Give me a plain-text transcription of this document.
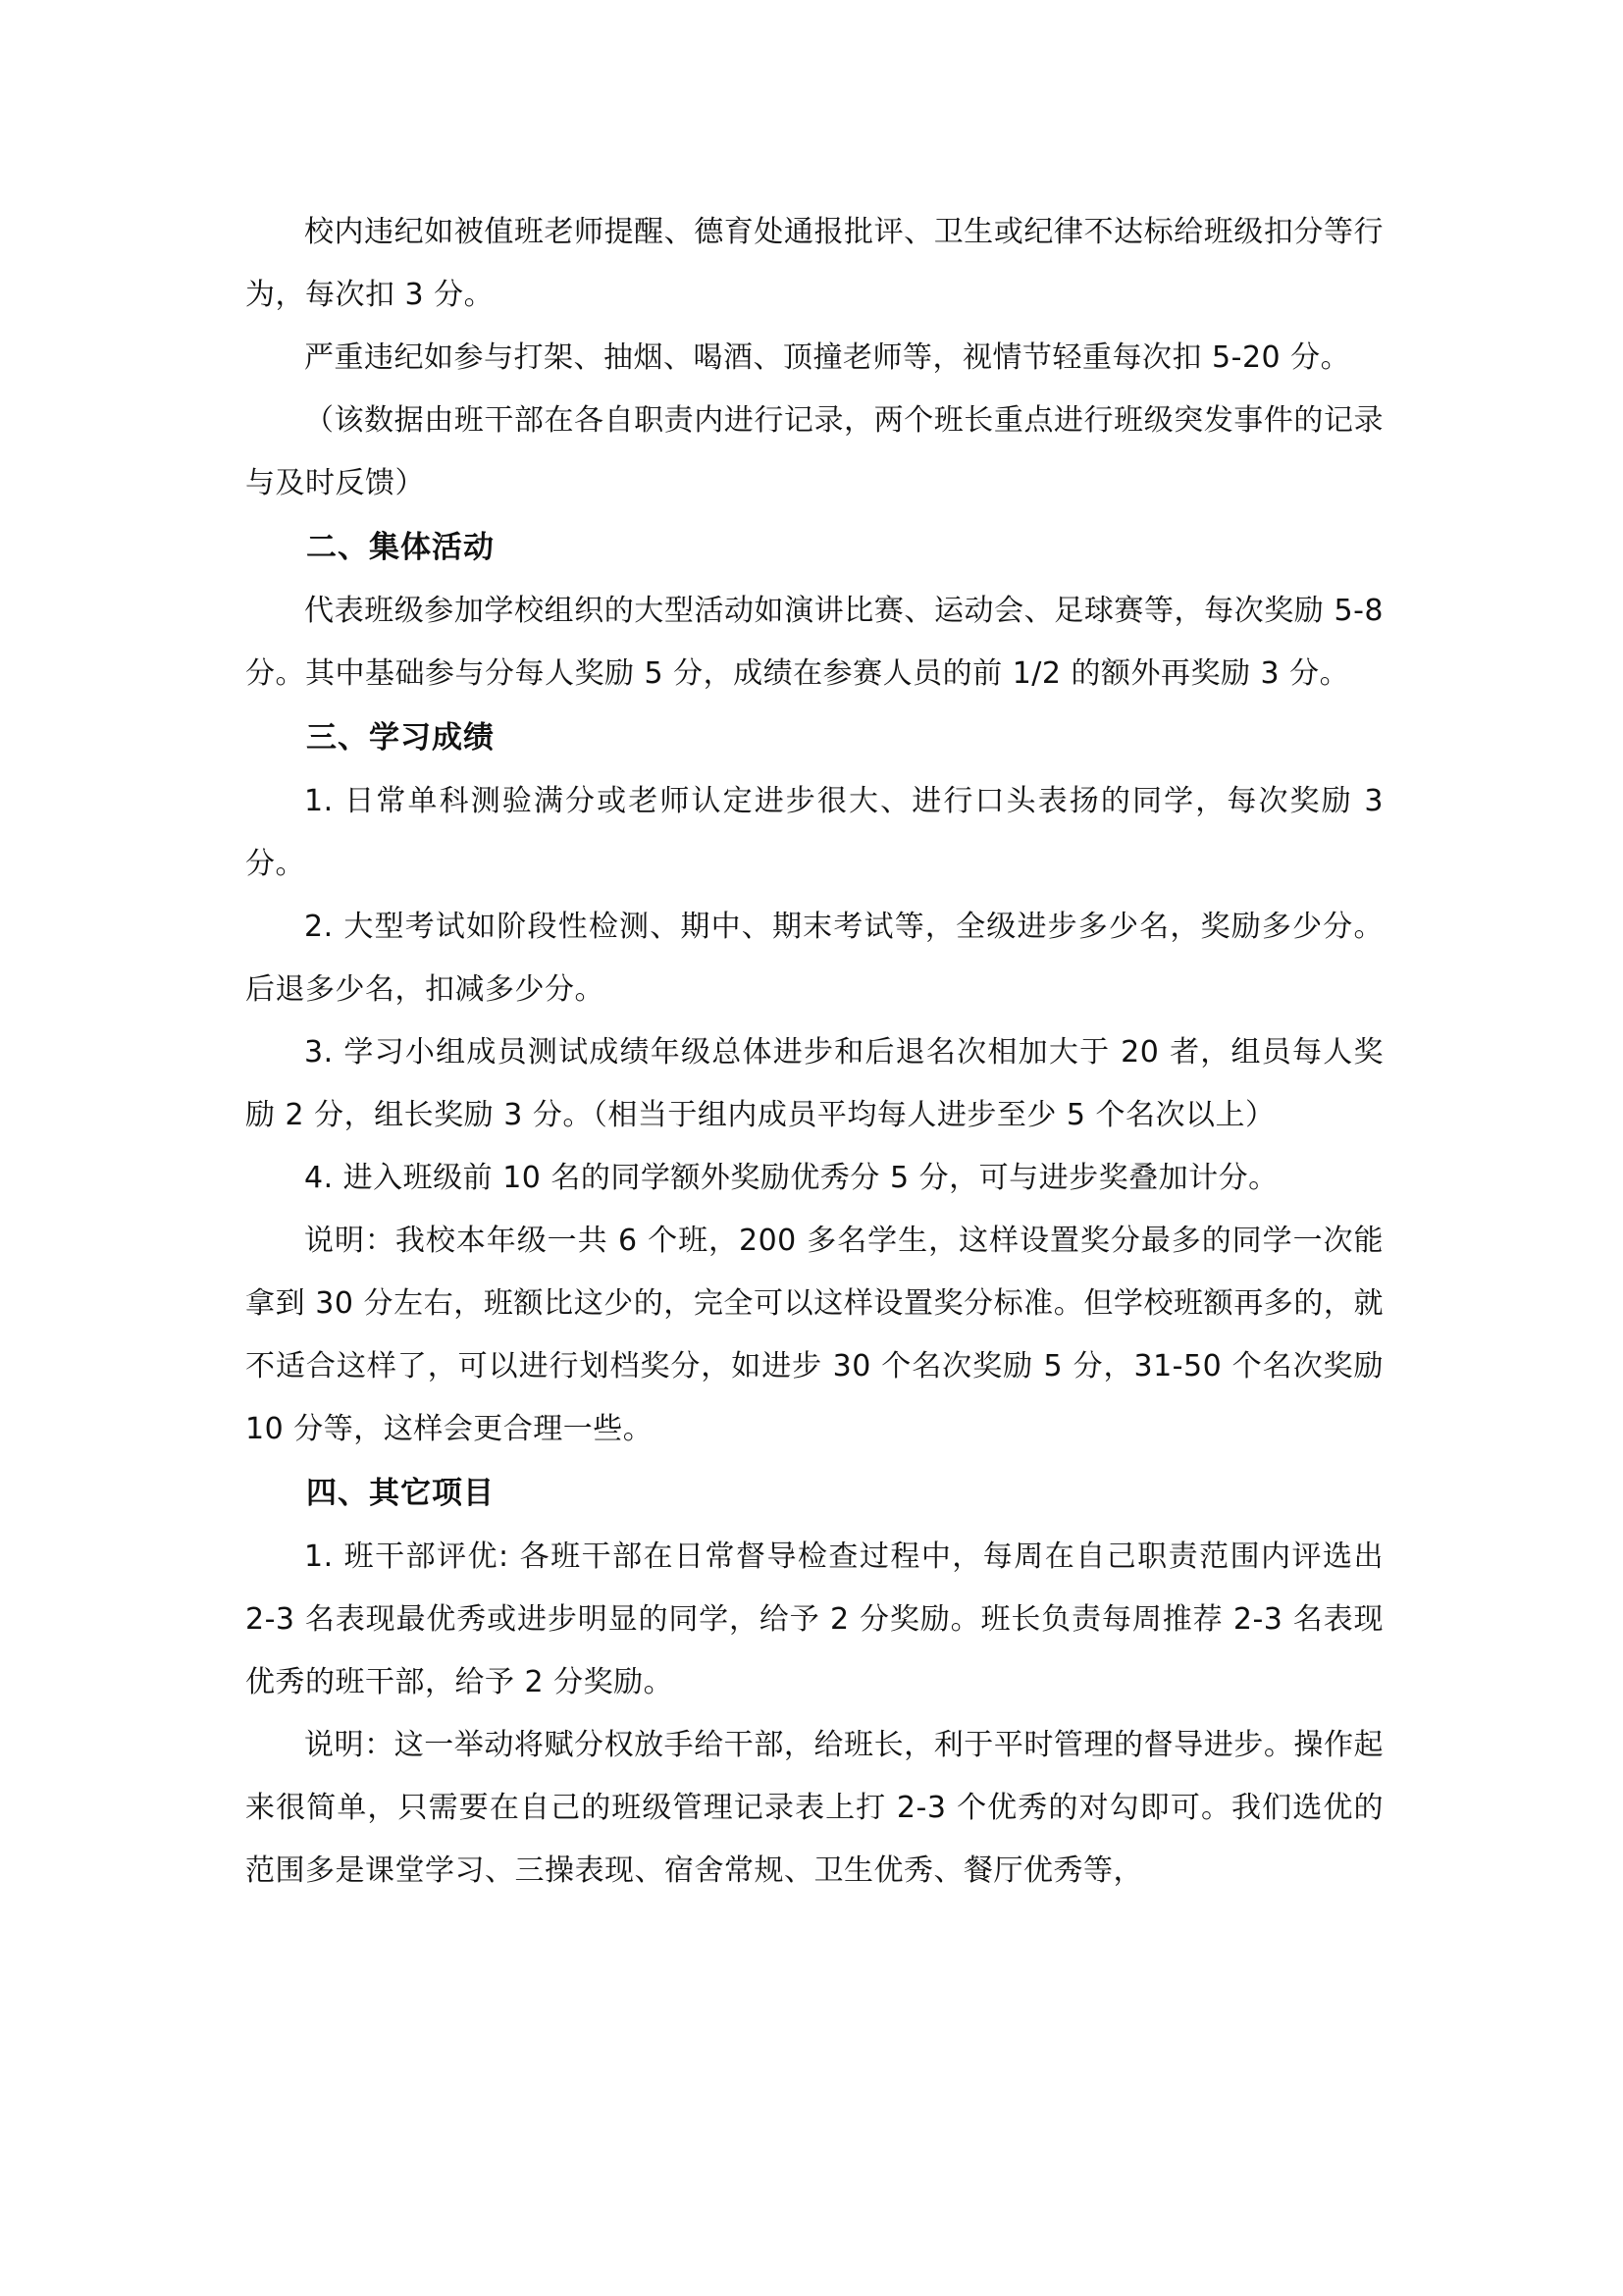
校内违纪如被值班老师提醒、德育处通报批评、卫生或纪律不达标给班级扣分等行为，每次扣 3 分。

严重违纪如参与打架、抽烟、喝酒、顶撞老师等，视情节轻重每次扣 5-20 分。

（该数据由班干部在各自职责内进行记录，两个班长重点进行班级突发事件的记录与及时反馈）

二、集体活动

代表班级参加学校组织的大型活动如演讲比赛、运动会、足球赛等，每次奖励 5-8 分。其中基础参与分每人奖励 5 分，成绩在参赛人员的前 1/2 的额外再奖励 3 分。

三、学习成绩

1. 日常单科测验满分或老师认定进步很大、进行口头表扬的同学，每次奖励 3 分。

2. 大型考试如阶段性检测、期中、期末考试等，全级进步多少名，奖励多少分。后退多少名，扣减多少分。

3. 学习小组成员测试成绩年级总体进步和后退名次相加大于 20 者，组员每人奖励 2 分，组长奖励 3 分。（相当于组内成员平均每人进步至少 5 个名次以上）

4. 进入班级前 10 名的同学额外奖励优秀分 5 分，可与进步奖叠加计分。

说明：我校本年级一共 6 个班，200 多名学生，这样设置奖分最多的同学一次能拿到 30 分左右，班额比这少的，完全可以这样设置奖分标准。但学校班额再多的，就不适合这样了，可以进行划档奖分，如进步 30 个名次奖励 5 分，31-50 个名次奖励 10 分等，这样会更合理一些。

四、其它项目

1. 班干部评优: 各班干部在日常督导检查过程中，每周在自己职责范围内评选出 2-3 名表现最优秀或进步明显的同学，给予 2 分奖励。班长负责每周推荐 2-3 名表现优秀的班干部，给予 2 分奖励。

说明：这一举动将赋分权放手给干部，给班长，利于平时管理的督导进步。操作起来很简单，只需要在自己的班级管理记录表上打 2-3 个优秀的对勾即可。我们选优的范围多是课堂学习、三操表现、宿舍常规、卫生优秀、餐厅优秀等，
